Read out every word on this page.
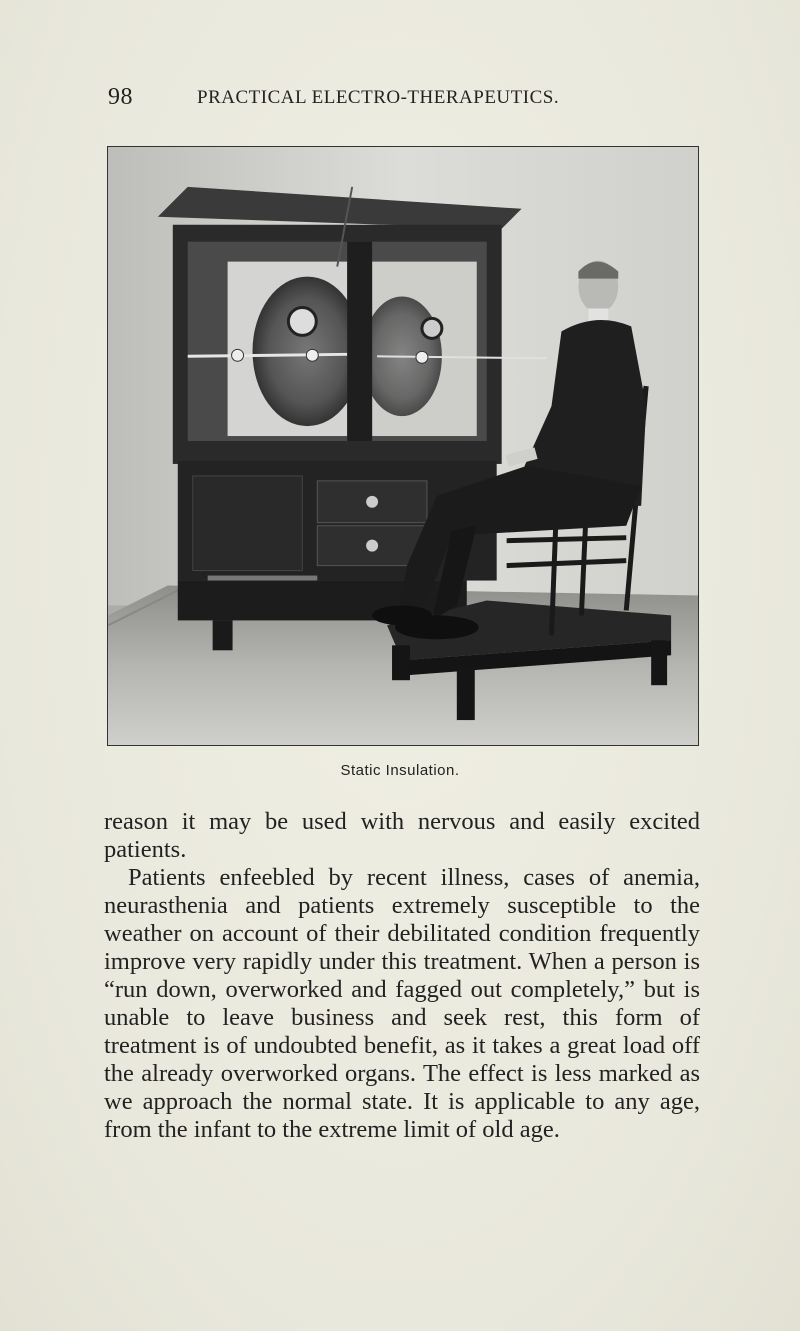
98	PRACTICAL ELECTRO-THERAPEUTICS.
Static Insulation.

reason it may be used with nervous and easily excited patients.

Patients enfeebled by recent illness, cases of anemia, neurasthenia and patients extremely susceptible to the weather on account of their debilitated condition frequently improve very rapidly under this treatment. When a person is “run down, overworked and fagged out completely,” but is unable to leave business and seek rest, this form of treatment is of undoubted benefit, as it takes a great load off the already overworked organs. The effect is less marked as we approach the normal state. It is applicable to any age, from the infant to the extreme limit of old age.
